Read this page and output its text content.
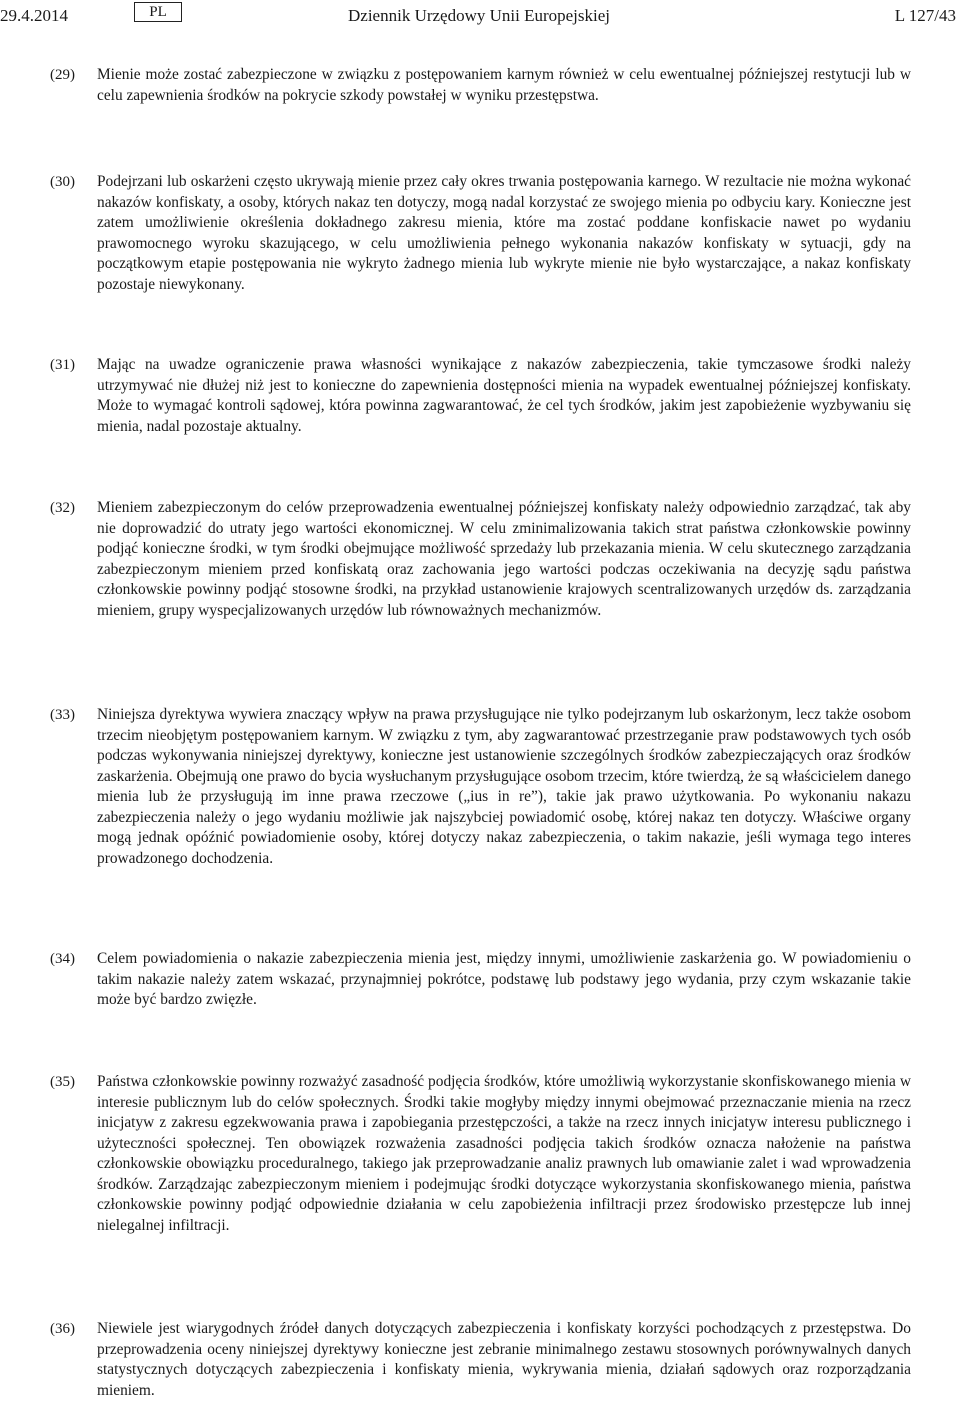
29.4.2014	PL	Dziennik Urzędowy Unii Europejskiej	L 127/43
(29) Mienie może zostać zabezpieczone w związku z postępowaniem karnym również w celu ewentualnej późniejszej restytucji lub w celu zapewnienia środków na pokrycie szkody powstałej w wyniku przestępstwa.
(30) Podejrzani lub oskarżeni często ukrywają mienie przez cały okres trwania postępowania karnego. W rezultacie nie można wykonać nakazów konfiskaty, a osoby, których nakaz ten dotyczy, mogą nadal korzystać ze swojego mienia po odbyciu kary. Konieczne jest zatem umożliwienie określenia dokładnego zakresu mienia, które ma zostać poddane konfiskacie nawet po wydaniu prawomocnego wyroku skazującego, w celu umożliwienia pełnego wykonania nakazów konfiskaty w sytuacji, gdy na początkowym etapie postępowania nie wykryto żadnego mienia lub wykryte mienie nie było wystarczające, a nakaz konfiskaty pozostaje niewykonany.
(31) Mając na uwadze ograniczenie prawa własności wynikające z nakazów zabezpieczenia, takie tymczasowe środki należy utrzymywać nie dłużej niż jest to konieczne do zapewnienia dostępności mienia na wypadek ewentualnej późniejszej konfiskaty. Może to wymagać kontroli sądowej, która powinna zagwarantować, że cel tych środków, jakim jest zapobieżenie wyzbywaniu się mienia, nadal pozostaje aktualny.
(32) Mieniem zabezpieczonym do celów przeprowadzenia ewentualnej późniejszej konfiskaty należy odpowiednio zarządzać, tak aby nie doprowadzić do utraty jego wartości ekonomicznej. W celu zminimalizowania takich strat państwa członkowskie powinny podjąć konieczne środki, w tym środki obejmujące możliwość sprzedaży lub przekazania mienia. W celu skutecznego zarządzania zabezpieczonym mieniem przed konfiskatą oraz zachowania jego wartości podczas oczekiwania na decyzję sądu państwa członkowskie powinny podjąć stosowne środki, na przykład ustanowienie krajowych scentralizowanych urzędów ds. zarządzania mieniem, grupy wyspecjalizowanych urzędów lub równoważnych mechanizmów.
(33) Niniejsza dyrektywa wywiera znaczący wpływ na prawa przysługujące nie tylko podejrzanym lub oskarżonym, lecz także osobom trzecim nieobjętym postępowaniem karnym. W związku z tym, aby zagwarantować przestrzeganie praw podstawowych tych osób podczas wykonywania niniejszej dyrektywy, konieczne jest ustanowienie szczególnych środków zabezpieczających oraz środków zaskarżenia. Obejmują one prawo do bycia wysłuchanym przysługujące osobom trzecim, które twierdzą, że są właścicielem danego mienia lub że przysługują im inne prawa rzeczowe („ius in re”), takie jak prawo użytkowania. Po wykonaniu nakazu zabezpieczenia należy o jego wydaniu możliwie jak najszybciej powiadomić osobę, której nakaz ten dotyczy. Właściwe organy mogą jednak opóźnić powiadomienie osoby, której dotyczy nakaz zabezpieczenia, o takim nakazie, jeśli wymaga tego interes prowadzonego dochodzenia.
(34) Celem powiadomienia o nakazie zabezpieczenia mienia jest, między innymi, umożliwienie zaskarżenia go. W powiadomieniu o takim nakazie należy zatem wskazać, przynajmniej pokrótce, podstawę lub podstawy jego wydania, przy czym wskazanie takie może być bardzo zwięzłe.
(35) Państwa członkowskie powinny rozważyć zasadność podjęcia środków, które umożliwią wykorzystanie skonfiskowanego mienia w interesie publicznym lub do celów społecznych. Środki takie mogłyby między innymi obejmować przeznaczanie mienia na rzecz inicjatyw z zakresu egzekwowania prawa i zapobiegania przestępczości, a także na rzecz innych inicjatyw interesu publicznego i użyteczności społecznej. Ten obowiązek rozważenia zasadności podjęcia takich środków oznacza nałożenie na państwa członkowskie obowiązku proceduralnego, takiego jak przeprowadzanie analiz prawnych lub omawianie zalet i wad wprowadzenia środków. Zarządzając zabezpieczonym mieniem i podejmując środki dotyczące wykorzystania skonfiskowanego mienia, państwa członkowskie powinny podjąć odpowiednie działania w celu zapobieżenia infiltracji przez środowisko przestępcze lub innej nielegalnej infiltracji.
(36) Niewiele jest wiarygodnych źródeł danych dotyczących zabezpieczenia i konfiskaty korzyści pochodzących z przestępstwa. Do przeprowadzenia oceny niniejszej dyrektywy konieczne jest zebranie minimalnego zestawu stosownych porównywalnych danych statystycznych dotyczących zabezpieczenia i konfiskaty mienia, wykrywania mienia, działań sądowych oraz rozporządzania mieniem.
